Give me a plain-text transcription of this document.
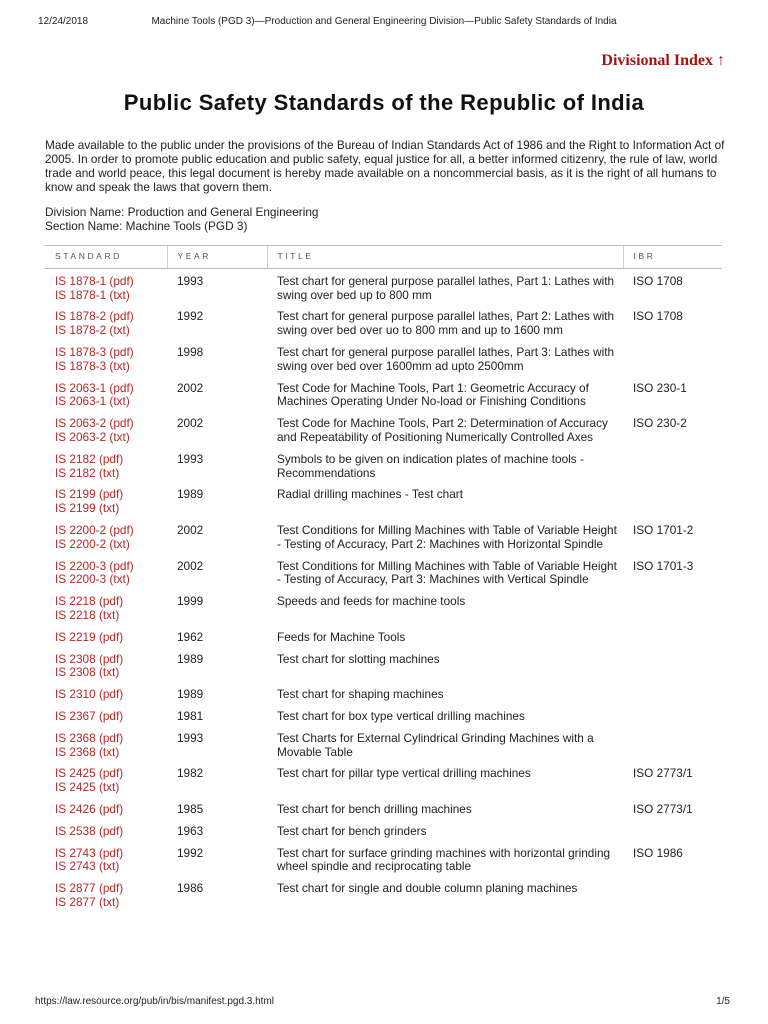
12/24/2018	Machine Tools (PGD 3)—Production and General Engineering Division—Public Safety Standards of India
Divisional Index ↑
Public Safety Standards of the Republic of India

Made available to the public under the provisions of the Bureau of Indian Standards Act of 1986 and the Right to Information Act of 2005. In order to promote public education and public safety, equal justice for all, a better informed citizenry, the rule of law, world trade and world peace, this legal document is hereby made available on a noncommercial basis, as it is the right of all humans to know and speak the laws that govern them.

Division Name: Production and General Engineering
Section Name: Machine Tools (PGD 3)
STANDARD	YEAR	TITLE	IBR

IS 1878-1 (pdf)
IS 1878-1 (txt)	1993	Test chart for general purpose parallel lathes, Part 1: Lathes with swing over bed up to 800 mm	ISO 1708

IS 1878-2 (pdf)
IS 1878-2 (txt)	1992	Test chart for general purpose parallel lathes, Part 2: Lathes with swing over bed over uo to 800 mm and up to 1600 mm	ISO 1708

IS 1878-3 (pdf)
IS 1878-3 (txt)	1998	Test chart for general purpose parallel lathes, Part 3: Lathes with swing over bed over 1600mm ad upto 2500mm	

IS 2063-1 (pdf)
IS 2063-1 (txt)	2002	Test Code for Machine Tools, Part 1: Geometric Accuracy of Machines Operating Under No-load or Finishing Conditions	ISO 230-1

IS 2063-2 (pdf)
IS 2063-2 (txt)	2002	Test Code for Machine Tools, Part 2: Determination of Accuracy and Repeatability of Positioning Numerically Controlled Axes	ISO 230-2

IS 2182 (pdf)
IS 2182 (txt)	1993	Symbols to be given on indication plates of machine tools - Recommendations	

IS 2199 (pdf)
IS 2199 (txt)	1989	Radial drilling machines - Test chart	

IS 2200-2 (pdf)
IS 2200-2 (txt)	2002	Test Conditions for Milling Machines with Table of Variable Height - Testing of Accuracy, Part 2: Machines with Horizontal Spindle	ISO 1701-2

IS 2200-3 (pdf)
IS 2200-3 (txt)	2002	Test Conditions for Milling Machines with Table of Variable Height - Testing of Accuracy, Part 3: Machines with Vertical Spindle	ISO 1701-3

IS 2218 (pdf)
IS 2218 (txt)	1999	Speeds and feeds for machine tools	

IS 2219 (pdf)	1962	Feeds for Machine Tools	

IS 2308 (pdf)
IS 2308 (txt)	1989	Test chart for slotting machines	

IS 2310 (pdf)	1989	Test chart for shaping machines	

IS 2367 (pdf)	1981	Test chart for box type vertical drilling machines	

IS 2368 (pdf)
IS 2368 (txt)	1993	Test Charts for External Cylindrical Grinding Machines with a Movable Table	

IS 2425 (pdf)
IS 2425 (txt)	1982	Test chart for pillar type vertical drilling machines	ISO 2773/1

IS 2426 (pdf)	1985	Test chart for bench drilling machines	ISO 2773/1

IS 2538 (pdf)	1963	Test chart for bench grinders	

IS 2743 (pdf)
IS 2743 (txt)	1992	Test chart for surface grinding machines with horizontal grinding wheel spindle and reciprocating table	ISO 1986

IS 2877 (pdf)
IS 2877 (txt)	1986	Test chart for single and double column planing machines	
https://law.resource.org/pub/in/bis/manifest.pgd.3.html	1/5
